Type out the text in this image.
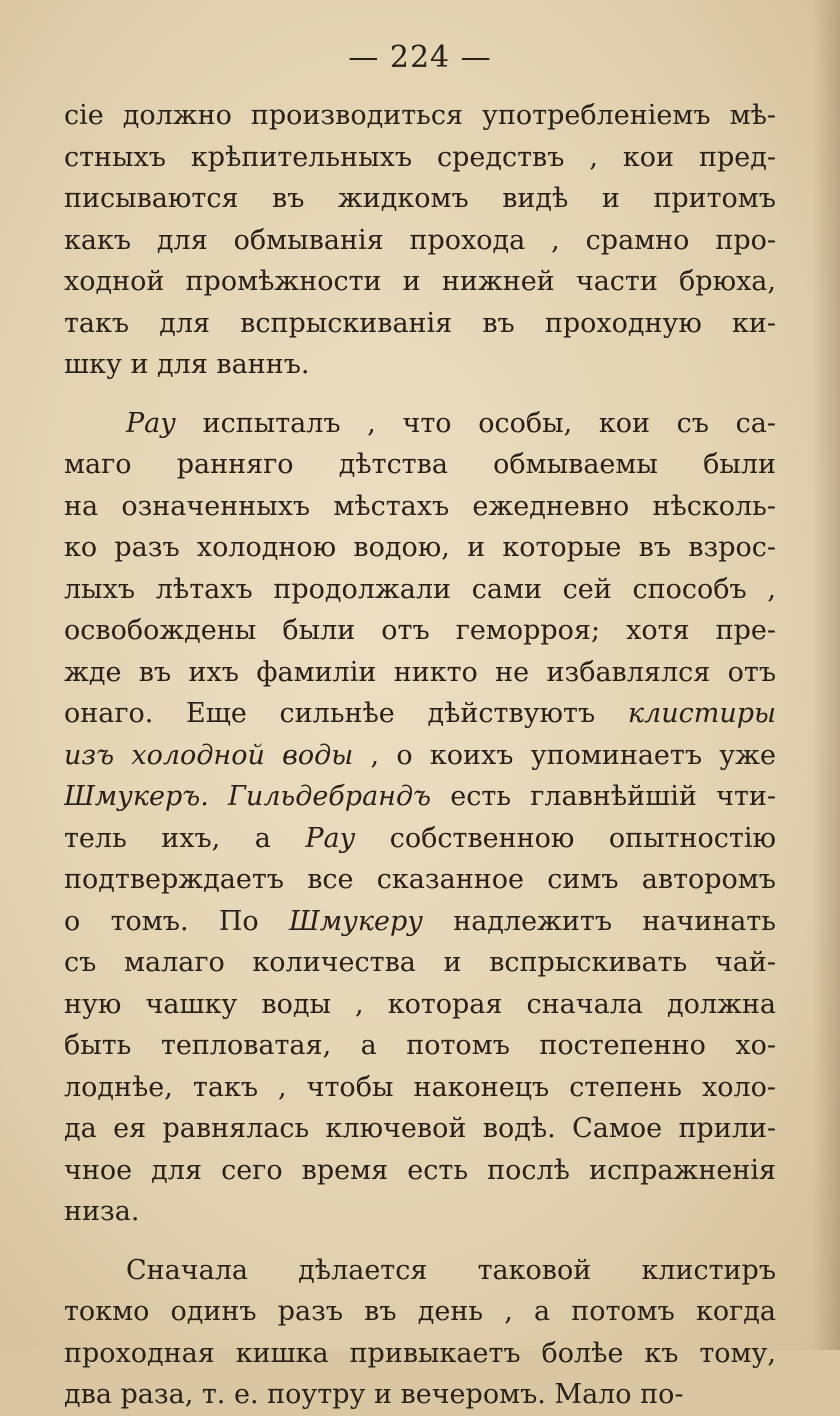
— 224 —
сіе должно производиться употребленіемъ мѣ-
стныхъ крѣпительныхъ средствъ , кои пред-
писываются въ жидкомъ видѣ и притомъ
какъ для обмыванія прохода , срамно про-
ходной промѣжности и нижней части брюха,
такъ для вспрыскиванія въ проходную ки-
шку и для ваннъ.
Рау испыталъ , что особы, кои съ са-
маго ранняго дѣтства обмываемы были
на означенныхъ мѣстахъ ежедневно нѣсколь-
ко разъ холодною водою, и которые въ взрос-
лыхъ лѣтахъ продолжали сами сей способъ ,
освобождены были отъ геморроя; хотя пре-
жде въ ихъ фамиліи никто не избавлялся отъ
онаго. Еще сильнѣе дѣйствуютъ клистиры
изъ холодной воды , о коихъ упоминаетъ уже
Шмукеръ. Гильдебрандъ есть главнѣйшій чти-
тель ихъ, а Рау собственною опытностію
подтверждаетъ все сказанное симъ авторомъ
о томъ. По Шмукеру надлежитъ начинать
съ малаго количества и вспрыскивать чай-
ную чашку воды , которая сначала должна
быть тепловатая, а потомъ постепенно хо-
лоднѣе, такъ , чтобы наконецъ степень холо-
да ея равнялась ключевой водѣ. Самое прили-
чное для сего время есть послѣ испражненія
низа.
Сначала дѣлается таковой клистиръ
токмо одинъ разъ въ день , а потомъ когда
проходная кишка привыкаетъ болѣе къ тому,
два раза, т. е. поутру и вечеромъ. Мало по-
